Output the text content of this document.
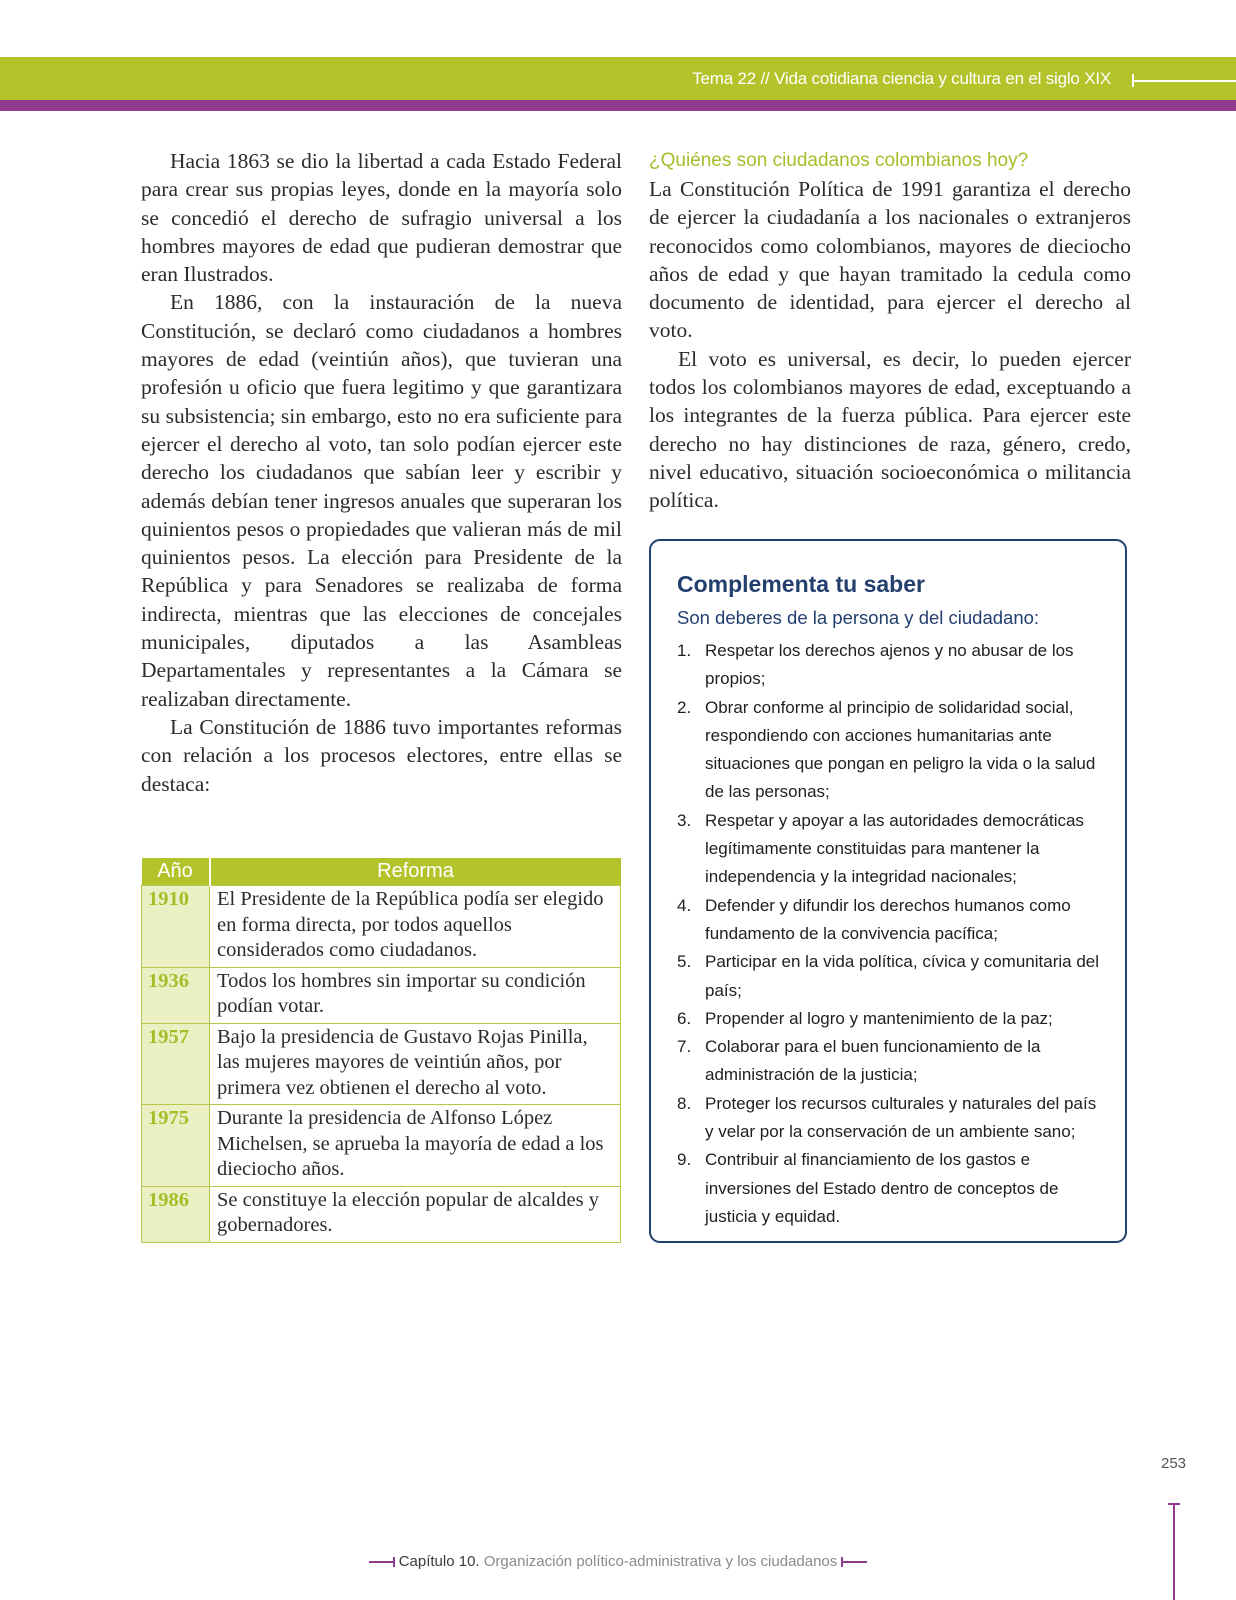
Tema 22 // Vida cotidiana ciencia y cultura en el siglo XIX

Hacia 1863 se dio la libertad a cada Estado Federal para crear sus propias leyes, donde en la mayoría solo se concedió el derecho de sufragio universal a los hombres mayores de edad que pudieran demostrar que eran Ilustrados.

En 1886, con la instauración de la nueva Constitución, se declaró como ciudadanos a hombres mayores de edad (veintiún años), que tuvieran una profesión u oficio que fuera legitimo y que garantizara su subsistencia; sin embargo, esto no era suficiente para ejercer el derecho al voto, tan solo podían ejercer este derecho los ciudadanos que sabían leer y escribir y además debían tener ingresos anuales que superaran los quinientos pesos o propiedades que valieran más de mil quinientos pesos. La elección para Presidente de la República y para Senadores se realizaba de forma indirecta, mientras que las elecciones de concejales municipales, diputados a las Asambleas Departamentales y representantes a la Cámara se realizaban directamente.

La Constitución de 1886 tuvo importantes reformas con relación a los procesos electores, entre ellas se destaca:

Año	Reforma
1910	El Presidente de la República podía ser elegido en forma directa, por todos aquellos considerados como ciudadanos.
1936	Todos los hombres sin importar su condición podían votar.
1957	Bajo la presidencia de Gustavo Rojas Pinilla, las mujeres mayores de veintiún años, por primera vez obtienen el derecho al voto.
1975	Durante la presidencia de Alfonso López Michelsen, se aprueba la mayoría de edad a los dieciocho años.
1986	Se constituye la elección popular de alcaldes y gobernadores.

¿Quiénes son ciudadanos colombianos hoy?

La Constitución Política de 1991 garantiza el derecho de ejercer la ciudadanía a los nacionales o extranjeros reconocidos como colombianos, mayores de dieciocho años de edad y que hayan tramitado la cedula como documento de identidad, para ejercer el derecho al voto.

El voto es universal, es decir, lo pueden ejercer todos los colombianos mayores de edad, exceptuando a los integrantes de la fuerza pública. Para ejercer este derecho no hay distinciones de raza, género, credo, nivel educativo, situación socioeconómica o militancia política.

Complementa tu saber
Son deberes de la persona y del ciudadano:
1. Respetar los derechos ajenos y no abusar de los propios;
2. Obrar conforme al principio de solidaridad social, respondiendo con acciones humanitarias ante situaciones que pongan en peligro la vida o la salud de las personas;
3. Respetar y apoyar a las autoridades democráticas legítimamente constituidas para mantener la independencia y la integridad nacionales;
4. Defender y difundir los derechos humanos como fundamento de la convivencia pacífica;
5. Participar en la vida política, cívica y comunitaria del país;
6. Propender al logro y mantenimiento de la paz;
7. Colaborar para el buen funcionamiento de la administración de la justicia;
8. Proteger los recursos culturales y naturales del país y velar por la conservación de un ambiente sano;
9. Contribuir al financiamiento de los gastos e inversiones del Estado dentro de conceptos de justicia y equidad.
253
Capítulo 10. Organización político-administrativa y los ciudadanos
